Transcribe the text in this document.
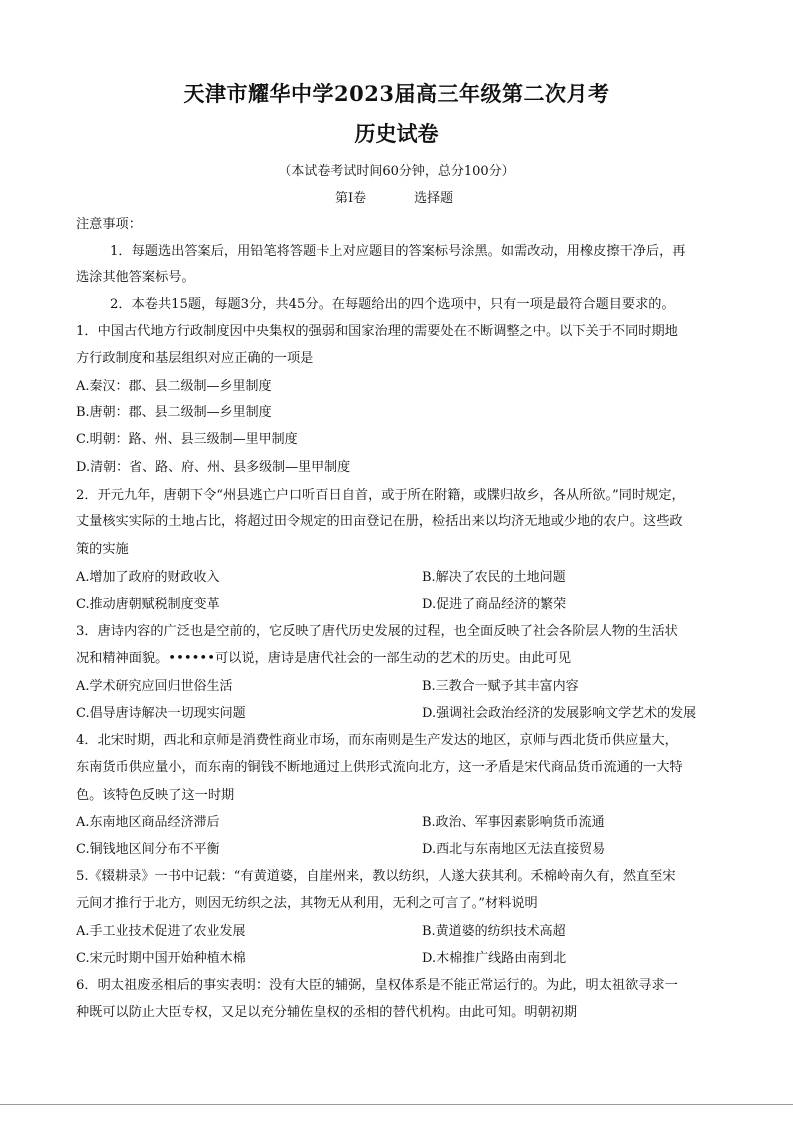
天津市耀华中学2023届高三年级第二次月考
历史试卷
（本试卷考试时间60分钟，总分100分）
第Ⅰ卷	选择题
注意事项：
1．每题选出答案后，用铅笔将答题卡上对应题目的答案标号涂黑。如需改动，用橡皮擦干净后，再
选涂其他答案标号。
2．本卷共15题，每题3分，共45分。在每题给出的四个选项中，只有一项是最符合题目要求的。
1．中国古代地方行政制度因中央集权的强弱和国家治理的需要处在不断调整之中。以下关于不同时期地
方行政制度和基层组织对应正确的一项是
A.秦汉：郡、县二级制—乡里制度
B.唐朝：郡、县二级制—乡里制度
C.明朝：路、州、县三级制—里甲制度
D.清朝：省、路、府、州、县多级制—里甲制度
2．开元九年，唐朝下令“州县逃亡户口听百日自首，或于所在附籍，或牒归故乡，各从所欲。”同时规定，
丈量核实实际的土地占比，将超过田令规定的田亩登记在册，检括出来以均济无地或少地的农户。这些政
策的实施
A.增加了政府的财政收入	B.解决了农民的土地问题
C.推动唐朝赋税制度变革	D.促进了商品经济的繁荣
3．唐诗内容的广泛也是空前的，它反映了唐代历史发展的过程，也全面反映了社会各阶层人物的生活状
况和精神面貌。••••••可以说，唐诗是唐代社会的一部生动的艺术的历史。由此可见
A.学术研究应回归世俗生活	B.三教合一赋予其丰富内容
C.倡导唐诗解决一切现实问题	D.强调社会政治经济的发展影响文学艺术的发展
4．北宋时期，西北和京师是消费性商业市场，而东南则是生产发达的地区，京师与西北货币供应量大，
东南货币供应量小，而东南的铜钱不断地通过上供形式流向北方，这一矛盾是宋代商品货币流通的一大特
色。该特色反映了这一时期
A.东南地区商品经济滞后	B.政治、军事因素影响货币流通
C.铜钱地区间分布不平衡	D.西北与东南地区无法直接贸易
5.《辍耕录》一书中记载：“有黄道婆，自崖州来，教以纺织，人遂大获其利。禾棉岭南久有，然直至宋
元间才推行于北方，则因无纺织之法，其物无从利用，无利之可言了。”材料说明
A.手工业技术促进了农业发展	B.黄道婆的纺织技术高超
C.宋元时期中国开始种植木棉	D.木棉推广线路由南到北
6．明太祖废丞相后的事实表明：没有大臣的辅弼，皇权体系是不能正常运行的。为此，明太祖欲寻求一
种既可以防止大臣专权，又足以充分辅佐皇权的丞相的替代机构。由此可知。明朝初期
